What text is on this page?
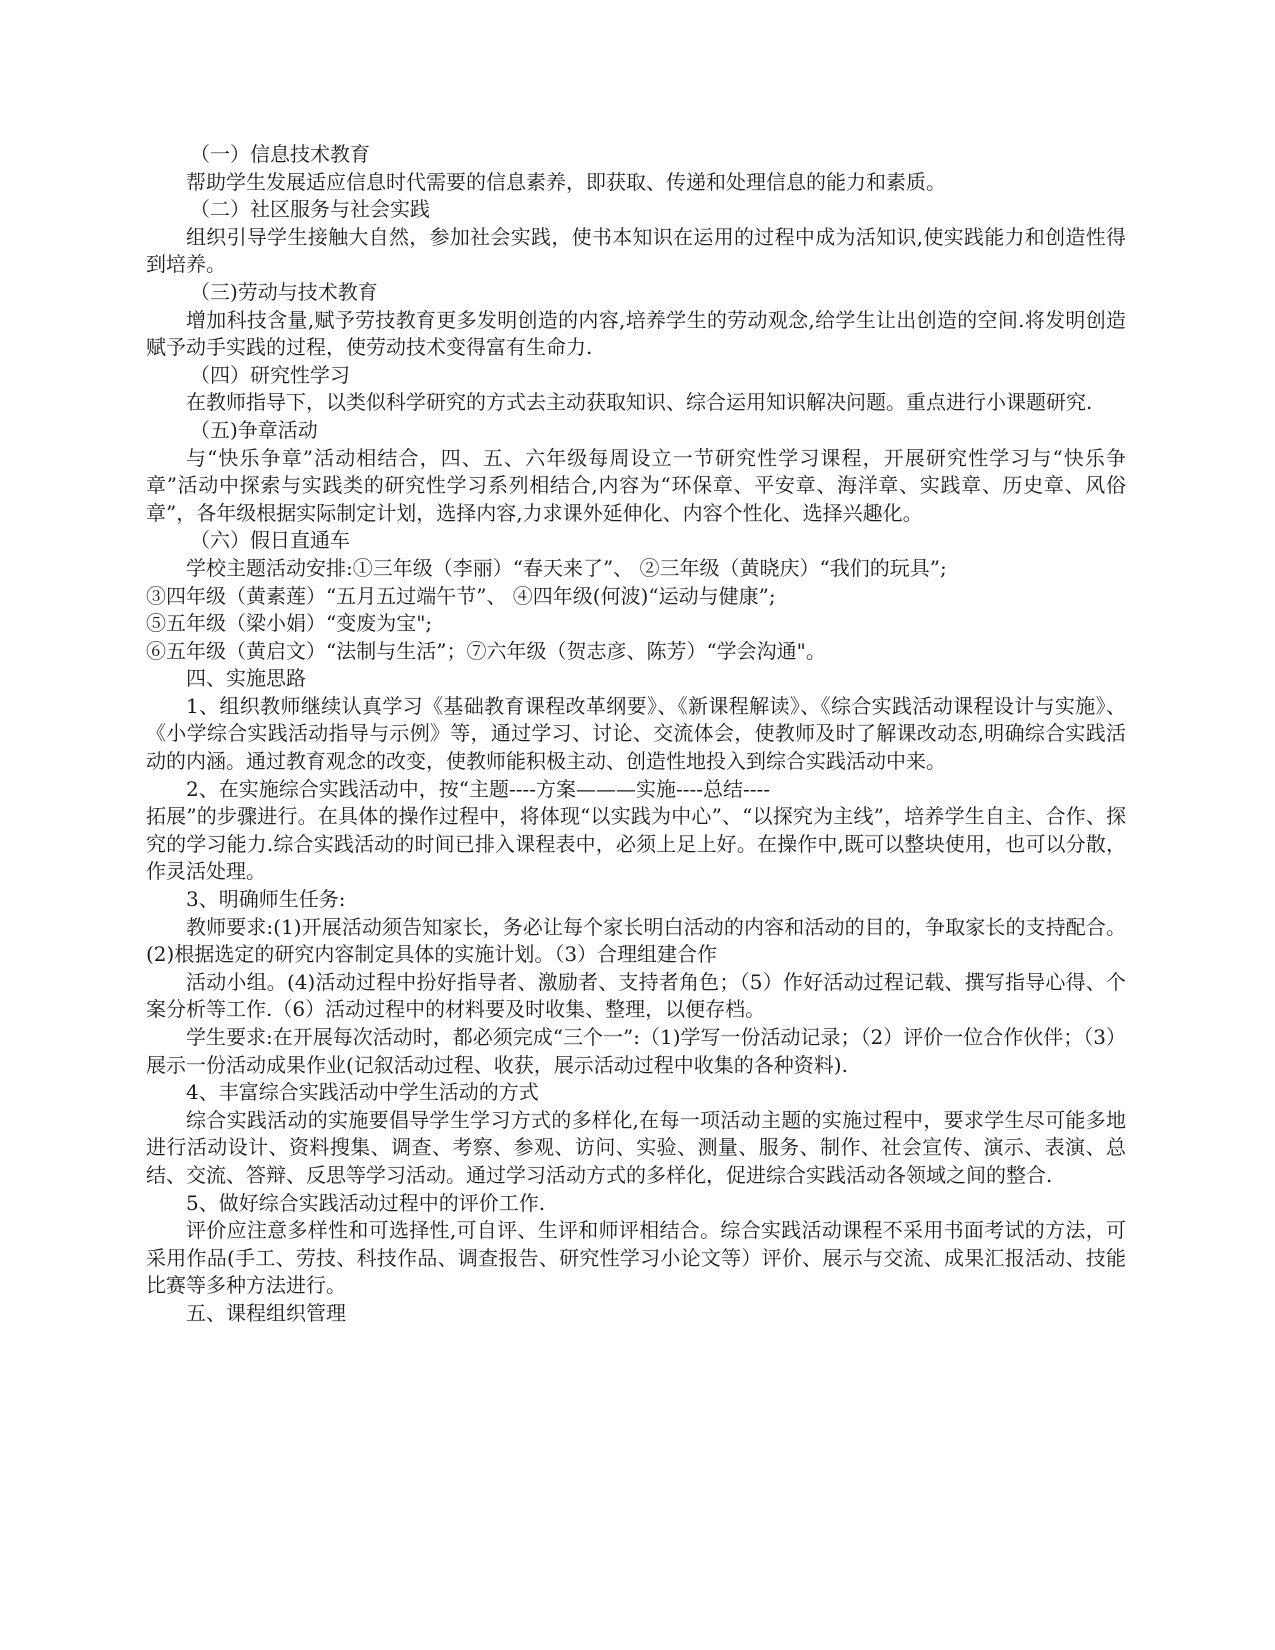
（一）信息技术教育

帮助学生发展适应信息时代需要的信息素养，即获取、传递和处理信息的能力和素质。

（二）社区服务与社会实践

组织引导学生接触大自然，参加社会实践，使书本知识在运用的过程中成为活知识,使实践能力和创造性得到培养。

（三)劳动与技术教育

增加科技含量,赋予劳技教育更多发明创造的内容,培养学生的劳动观念,给学生让出创造的空间.将发明创造赋予动手实践的过程，使劳动技术变得富有生命力.

（四）研究性学习

在教师指导下，以类似科学研究的方式去主动获取知识、综合运用知识解决问题。重点进行小课题研究.

（五)争章活动

与“快乐争章”活动相结合，四、五、六年级每周设立一节研究性学习课程，开展研究性学习与“快乐争章”活动中探索与实践类的研究性学习系列相结合,内容为“环保章、平安章、海洋章、实践章、历史章、风俗章”，各年级根据实际制定计划，选择内容,力求课外延伸化、内容个性化、选择兴趣化。

（六）假日直通车

学校主题活动安排:①三年级（李丽）“春天来了”、 ②三年级（黄晓庆）“我们的玩具”;

③四年级（黄素莲）“五月五过端午节”、 ④四年级(何波)“运动与健康”;

⑤五年级（梁小娟）“变废为宝";

⑥五年级（黄启文）“法制与生活”；⑦六年级（贺志彦、陈芳）“学会沟通"。

四、实施思路

1、组织教师继续认真学习《基础教育课程改革纲要》、《新课程解读》、《综合实践活动课程设计与实施》、《小学综合实践活动指导与示例》等，通过学习、讨论、交流体会，使教师及时了解课改动态,明确综合实践活动的内涵。通过教育观念的改变，使教师能积极主动、创造性地投入到综合实践活动中来。

2、在实施综合实践活动中，按“主题----方案———实施----总结----

拓展”的步骤进行。在具体的操作过程中，将体现“以实践为中心”、“以探究为主线”，培养学生自主、合作、探究的学习能力.综合实践活动的时间已排入课程表中，必须上足上好。在操作中,既可以整块使用，也可以分散，作灵活处理。

3、明确师生任务:

教师要求:(1)开展活动须告知家长，务必让每个家长明白活动的内容和活动的目的，争取家长的支持配合。(2)根据选定的研究内容制定具体的实施计划。（3）合理组建合作

活动小组。(4)活动过程中扮好指导者、激励者、支持者角色；（5）作好活动过程记载、撰写指导心得、个案分析等工作.（6）活动过程中的材料要及时收集、整理，以便存档。

学生要求:在开展每次活动时，都必须完成“三个一”:（1)学写一份活动记录；（2）评价一位合作伙伴；（3）展示一份活动成果作业(记叙活动过程、收获，展示活动过程中收集的各种资料).

4、丰富综合实践活动中学生活动的方式

综合实践活动的实施要倡导学生学习方式的多样化,在每一项活动主题的实施过程中，要求学生尽可能多地进行活动设计、资料搜集、调查、考察、参观、访问、实验、测量、服务、制作、社会宣传、演示、表演、总结、交流、答辩、反思等学习活动。通过学习活动方式的多样化，促进综合实践活动各领域之间的整合.

5、做好综合实践活动过程中的评价工作.

评价应注意多样性和可选择性,可自评、生评和师评相结合。综合实践活动课程不采用书面考试的方法，可采用作品(手工、劳技、科技作品、调查报告、研究性学习小论文等）评价、展示与交流、成果汇报活动、技能比赛等多种方法进行。

五、课程组织管理
